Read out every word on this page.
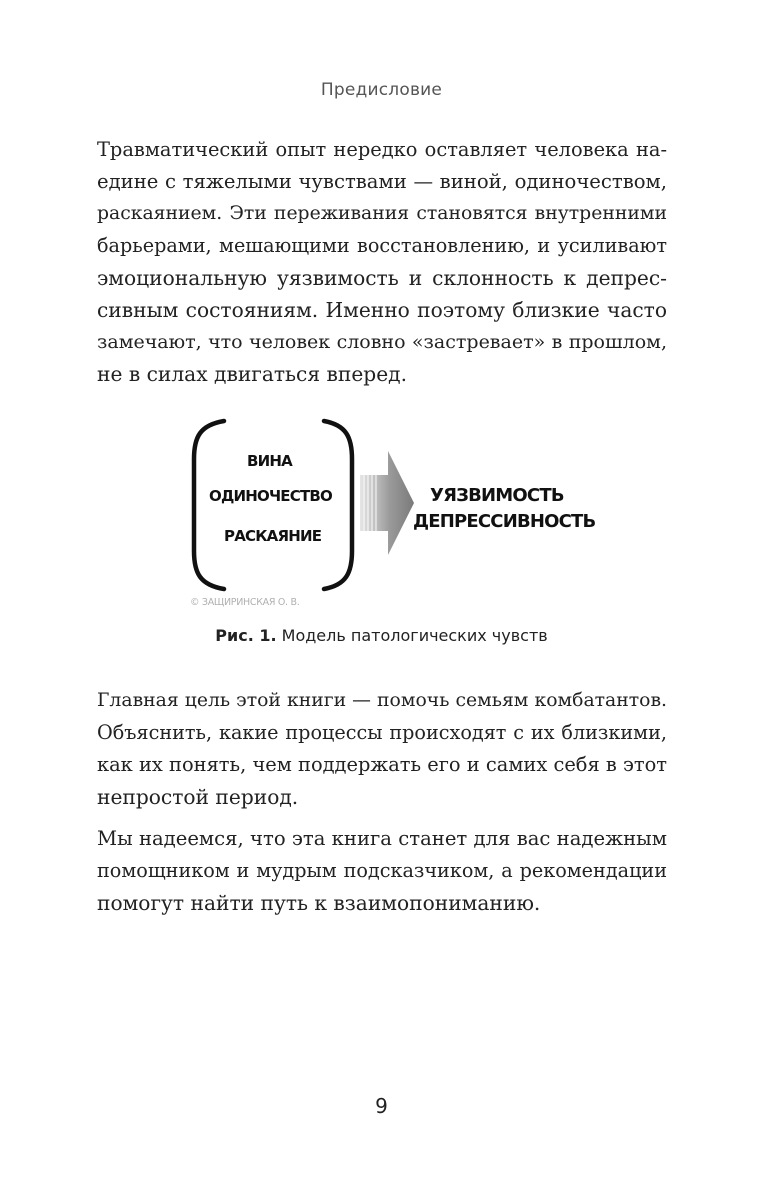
Предисловие
Травматический опыт нередко оставляет человека на-
едине с тяжелыми чувствами — виной, одиночеством,
раскаянием. Эти переживания становятся внутренними
барьерами, мешающими восстановлению, и усиливают
эмоциональную уязвимость и склонность к депрес-
сивным состояниям. Именно поэтому близкие часто
замечают, что человек словно «застревает» в прошлом,
не в силах двигаться вперед.
ВИНА
ОДИНОЧЕСТВО
РАСКАЯНИЕ
УЯЗВИМОСТЬ
ДЕПРЕССИВНОСТЬ
© ЗАЩИРИНСКАЯ О. В.
Рис. 1. Модель патологических чувств
Главная цель этой книги — помочь семьям комбатантов.
Объяснить, какие процессы происходят с их близкими,
как их понять, чем поддержать его и самих себя в этот
непростой период.
Мы надеемся, что эта книга станет для вас надежным
помощником и мудрым подсказчиком, а рекомендации
помогут найти путь к взаимопониманию.
9
